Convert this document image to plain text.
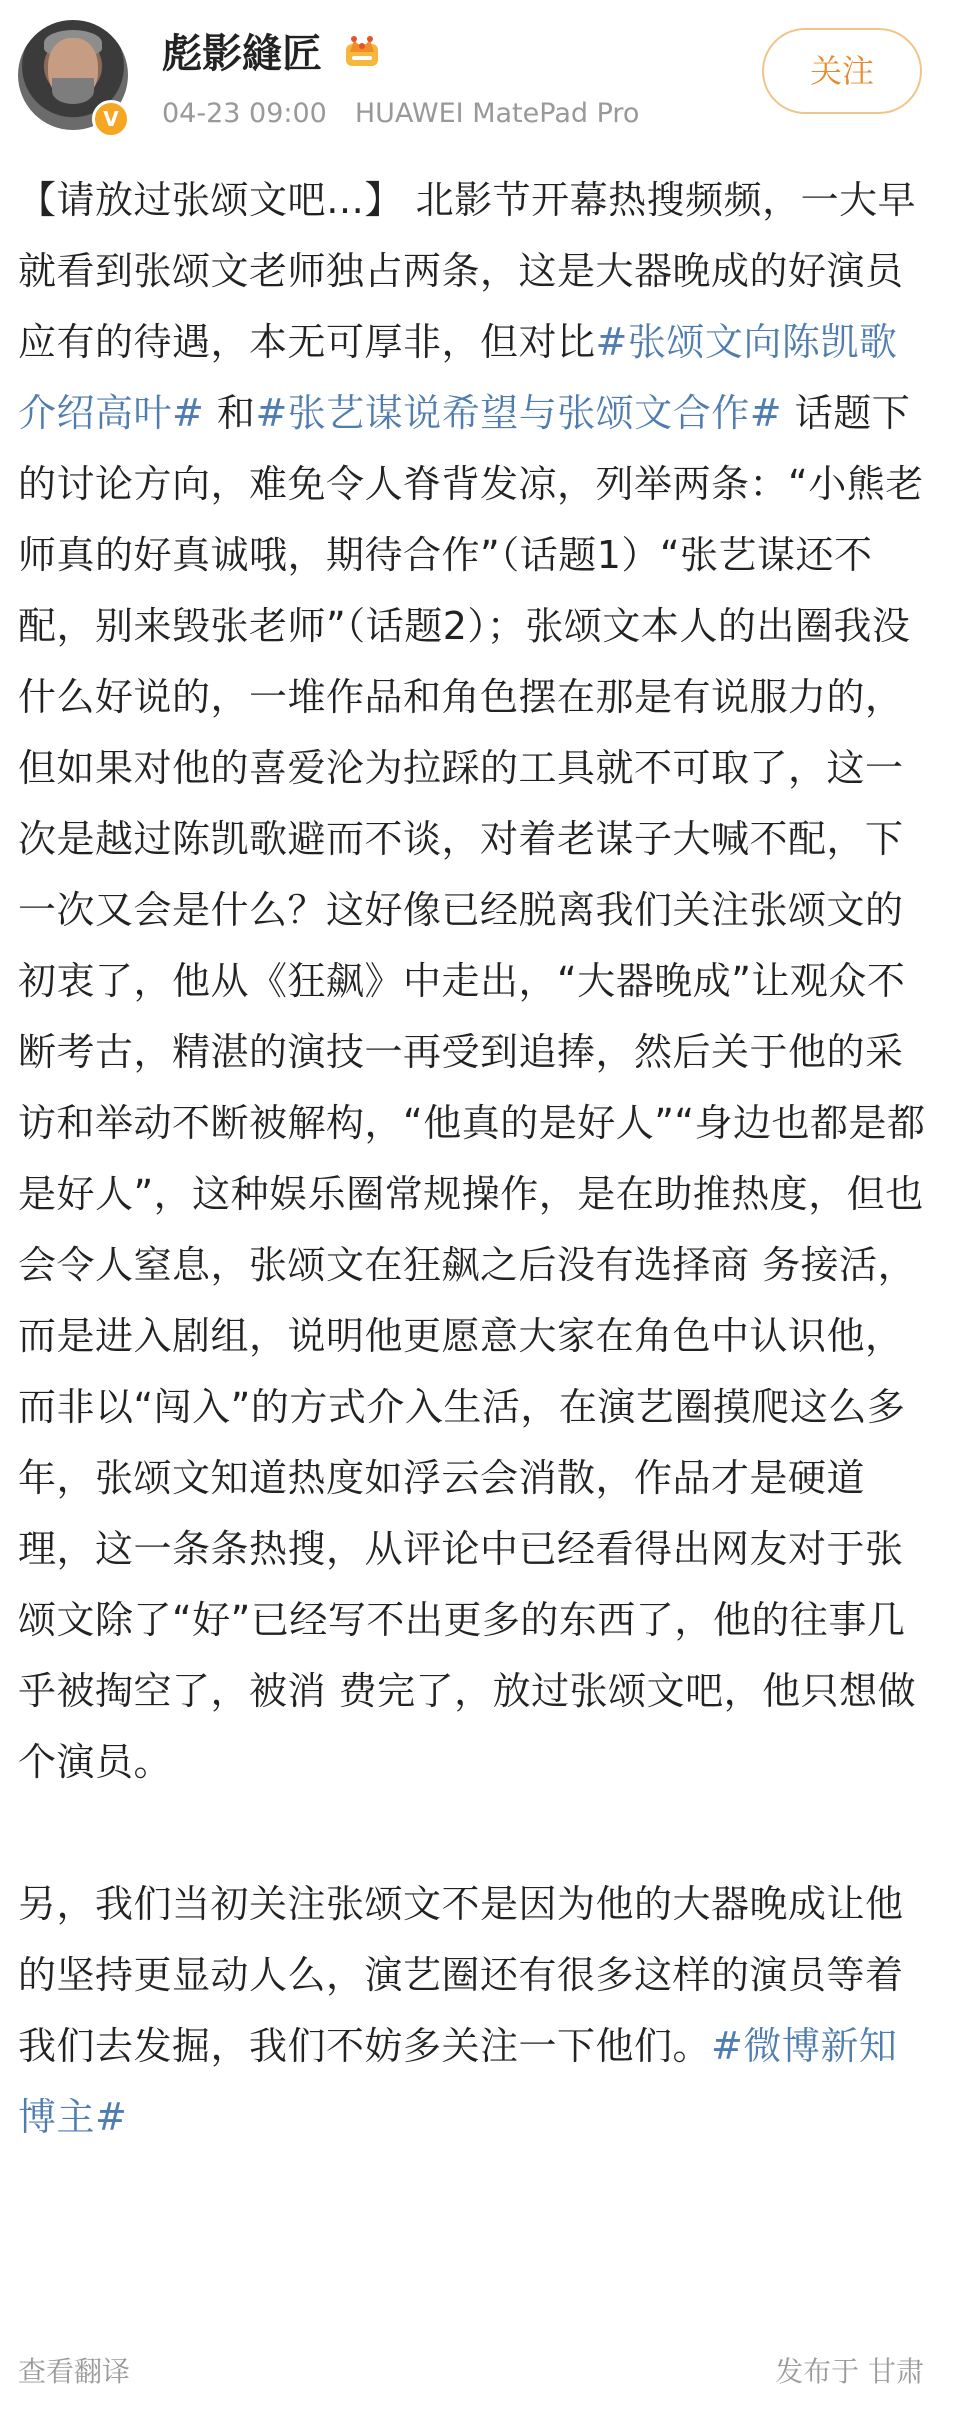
V
彪影縫匠
04-23 09:00 HUAWEI MatePad Pro
关注

【请放过张颂文吧…】 北影节开幕热搜频频，一大早就看到张颂文老师独占两条，这是大器晚成的好演员应有的待遇，本无可厚非，但对比#张颂文向陈凯歌介绍高叶# 和#张艺谋说希望与张颂文合作# 话题下的讨论方向，难免令人脊背发凉，列举两条：“小熊老师真的好真诚哦，期待合作”（话题1）“张艺谋还不配，别来毁张老师”（话题2）；张颂文本人的出圈我没什么好说的，一堆作品和角色摆在那是有说服力的，但如果对他的喜爱沦为拉踩的工具就不可取了，这一次是越过陈凯歌避而不谈，对着老谋子大喊不配，下一次又会是什么？这好像已经脱离我们关注张颂文的初衷了，他从《狂飙》中走出，“大器晚成”让观众不断考古，精湛的演技一再受到追捧，然后关于他的采访和举动不断被解构，“他真的是好人”“身边也都是都是好人”，这种娱乐圈常规操作，是在助推热度，但也会令人窒息，张颂文在狂飙之后没有选择商 务接活，而是进入剧组，说明他更愿意大家在角色中认识他，而非以“闯入”的方式介入生活，在演艺圈摸爬这么多年，张颂文知道热度如浮云会消散，作品才是硬道理，这一条条热搜，从评论中已经看得出网友对于张颂文除了“好”已经写不出更多的东西了，他的往事几乎被掏空了，被消 费完了，放过张颂文吧，他只想做个演员。

另，我们当初关注张颂文不是因为他的大器晚成让他的坚持更显动人么，演艺圈还有很多这样的演员等着我们去发掘，我们不妨多关注一下他们。#微博新知博主#

查看翻译	发布于 甘肃
